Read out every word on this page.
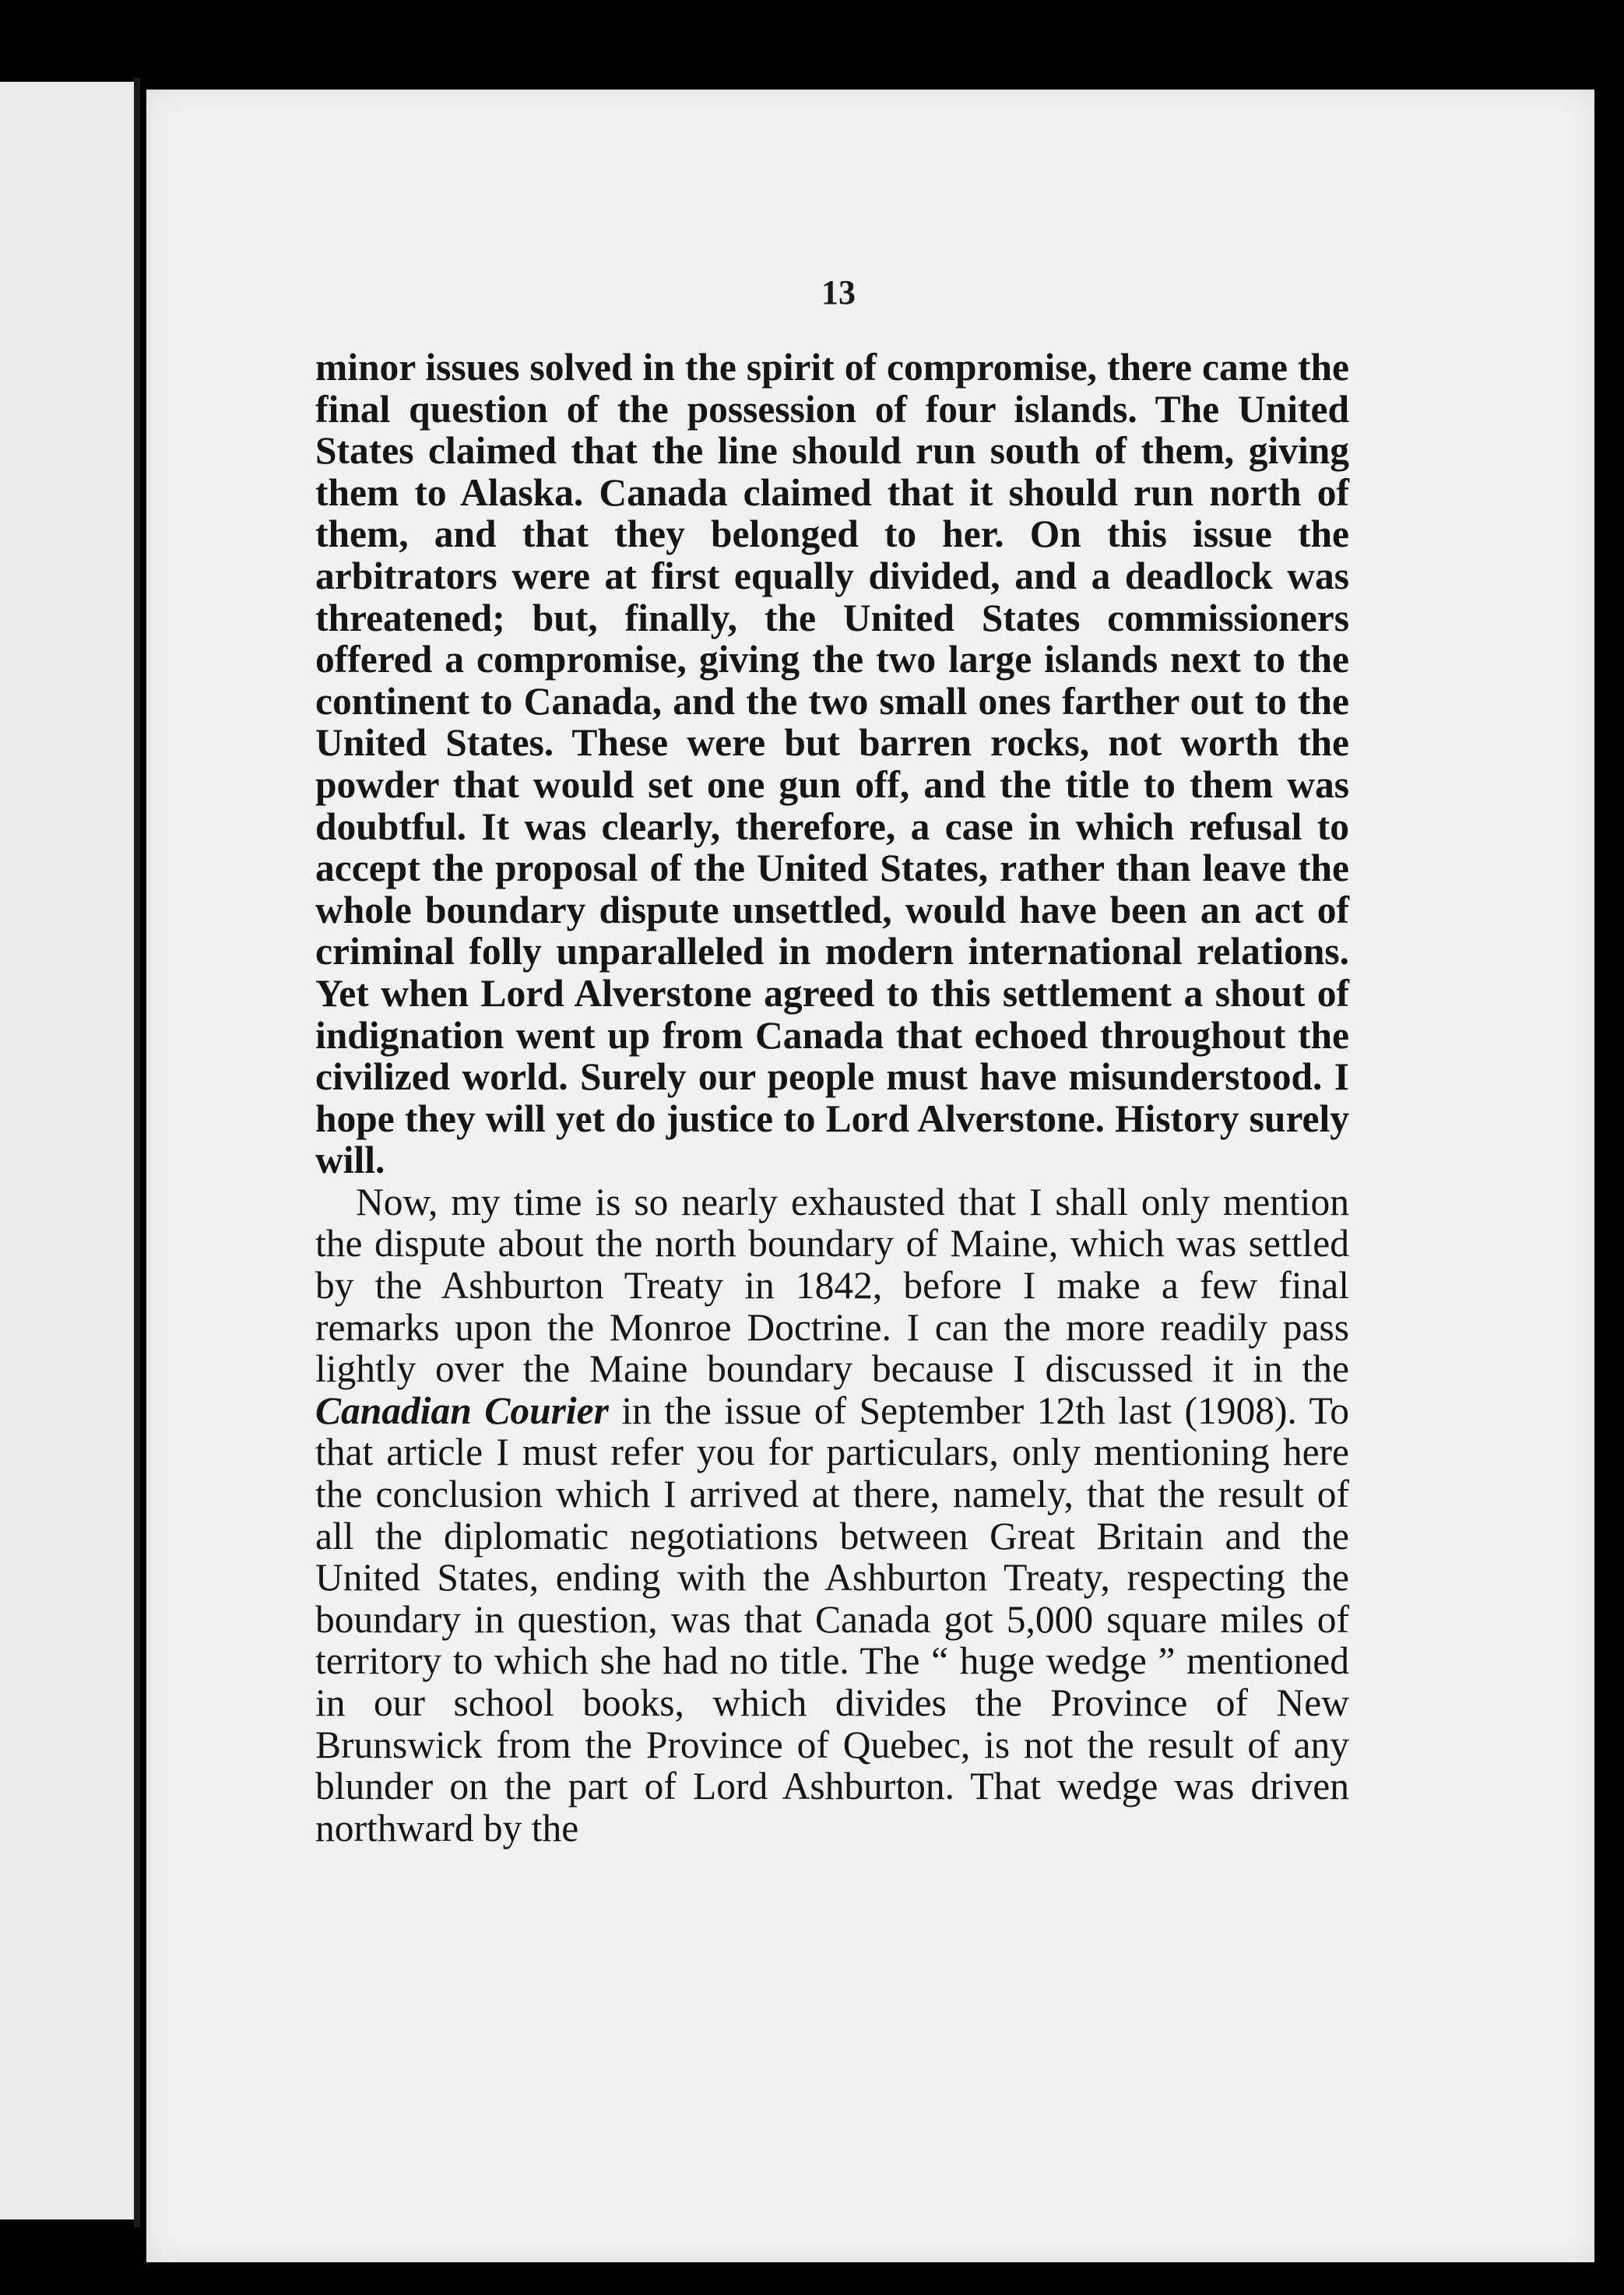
13

minor issues solved in the spirit of compromise, there came the final question of the possession of four islands. The United States claimed that the line should run south of them, giving them to Alaska. Canada claimed that it should run north of them, and that they belonged to her. On this issue the arbitrators were at first equally divided, and a deadlock was threatened; but, finally, the United States commissioners offered a compromise, giving the two large islands next to the continent to Canada, and the two small ones farther out to the United States. These were but barren rocks, not worth the powder that would set one gun off, and the title to them was doubtful. It was clearly, therefore, a case in which refusal to accept the proposal of the United States, rather than leave the whole boundary dispute unsettled, would have been an act of criminal folly unparalleled in modern international relations. Yet when Lord Alverstone agreed to this settlement a shout of indignation went up from Canada that echoed throughout the civilized world. Surely our people must have misunderstood. I hope they will yet do justice to Lord Alverstone. History surely will.

Now, my time is so nearly exhausted that I shall only mention the dispute about the north boundary of Maine, which was settled by the Ashburton Treaty in 1842, before I make a few final remarks upon the Monroe Doctrine. I can the more readily pass lightly over the Maine boundary because I discussed it in the Canadian Courier in the issue of September 12th last (1908). To that article I must refer you for particulars, only mentioning here the conclusion which I arrived at there, namely, that the result of all the diplomatic negotiations between Great Britain and the United States, ending with the Ashburton Treaty, respecting the boundary in question, was that Canada got 5,000 square miles of territory to which she had no title. The “ huge wedge ” mentioned in our school books, which divides the Province of New Brunswick from the Province of Quebec, is not the result of any blunder on the part of Lord Ashburton. That wedge was driven northward by the
